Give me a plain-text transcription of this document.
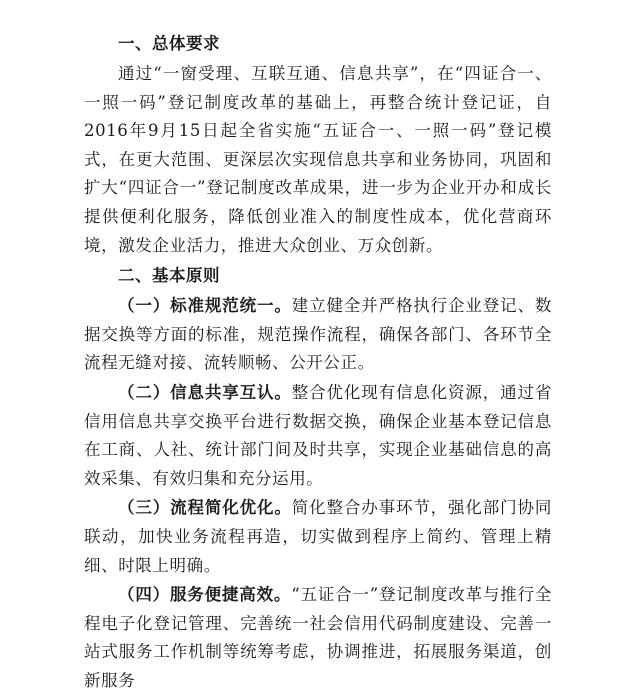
一、总体要求

通过“一窗受理、互联互通、信息共享”，在“四证合一、一照一码”登记制度改革的基础上，再整合统计登记证，自2016年9月15日起全省实施“五证合一、一照一码”登记模式，在更大范围、更深层次实现信息共享和业务协同，巩固和扩大“四证合一”登记制度改革成果，进一步为企业开办和成长提供便利化服务，降低创业准入的制度性成本，优化营商环境，激发企业活力，推进大众创业、万众创新。

二、基本原则

（一）标准规范统一。建立健全并严格执行企业登记、数据交换等方面的标准，规范操作流程，确保各部门、各环节全流程无缝对接、流转顺畅、公开公正。

（二）信息共享互认。整合优化现有信息化资源，通过省信用信息共享交换平台进行数据交换，确保企业基本登记信息在工商、人社、统计部门间及时共享，实现企业基础信息的高效采集、有效归集和充分运用。

（三）流程简化优化。简化整合办事环节，强化部门协同联动，加快业务流程再造，切实做到程序上简约、管理上精细、时限上明确。

（四）服务便捷高效。“五证合一”登记制度改革与推行全程电子化登记管理、完善统一社会信用代码制度建设、完善一站式服务工作机制等统筹考虑，协调推进，拓展服务渠道，创新服务
